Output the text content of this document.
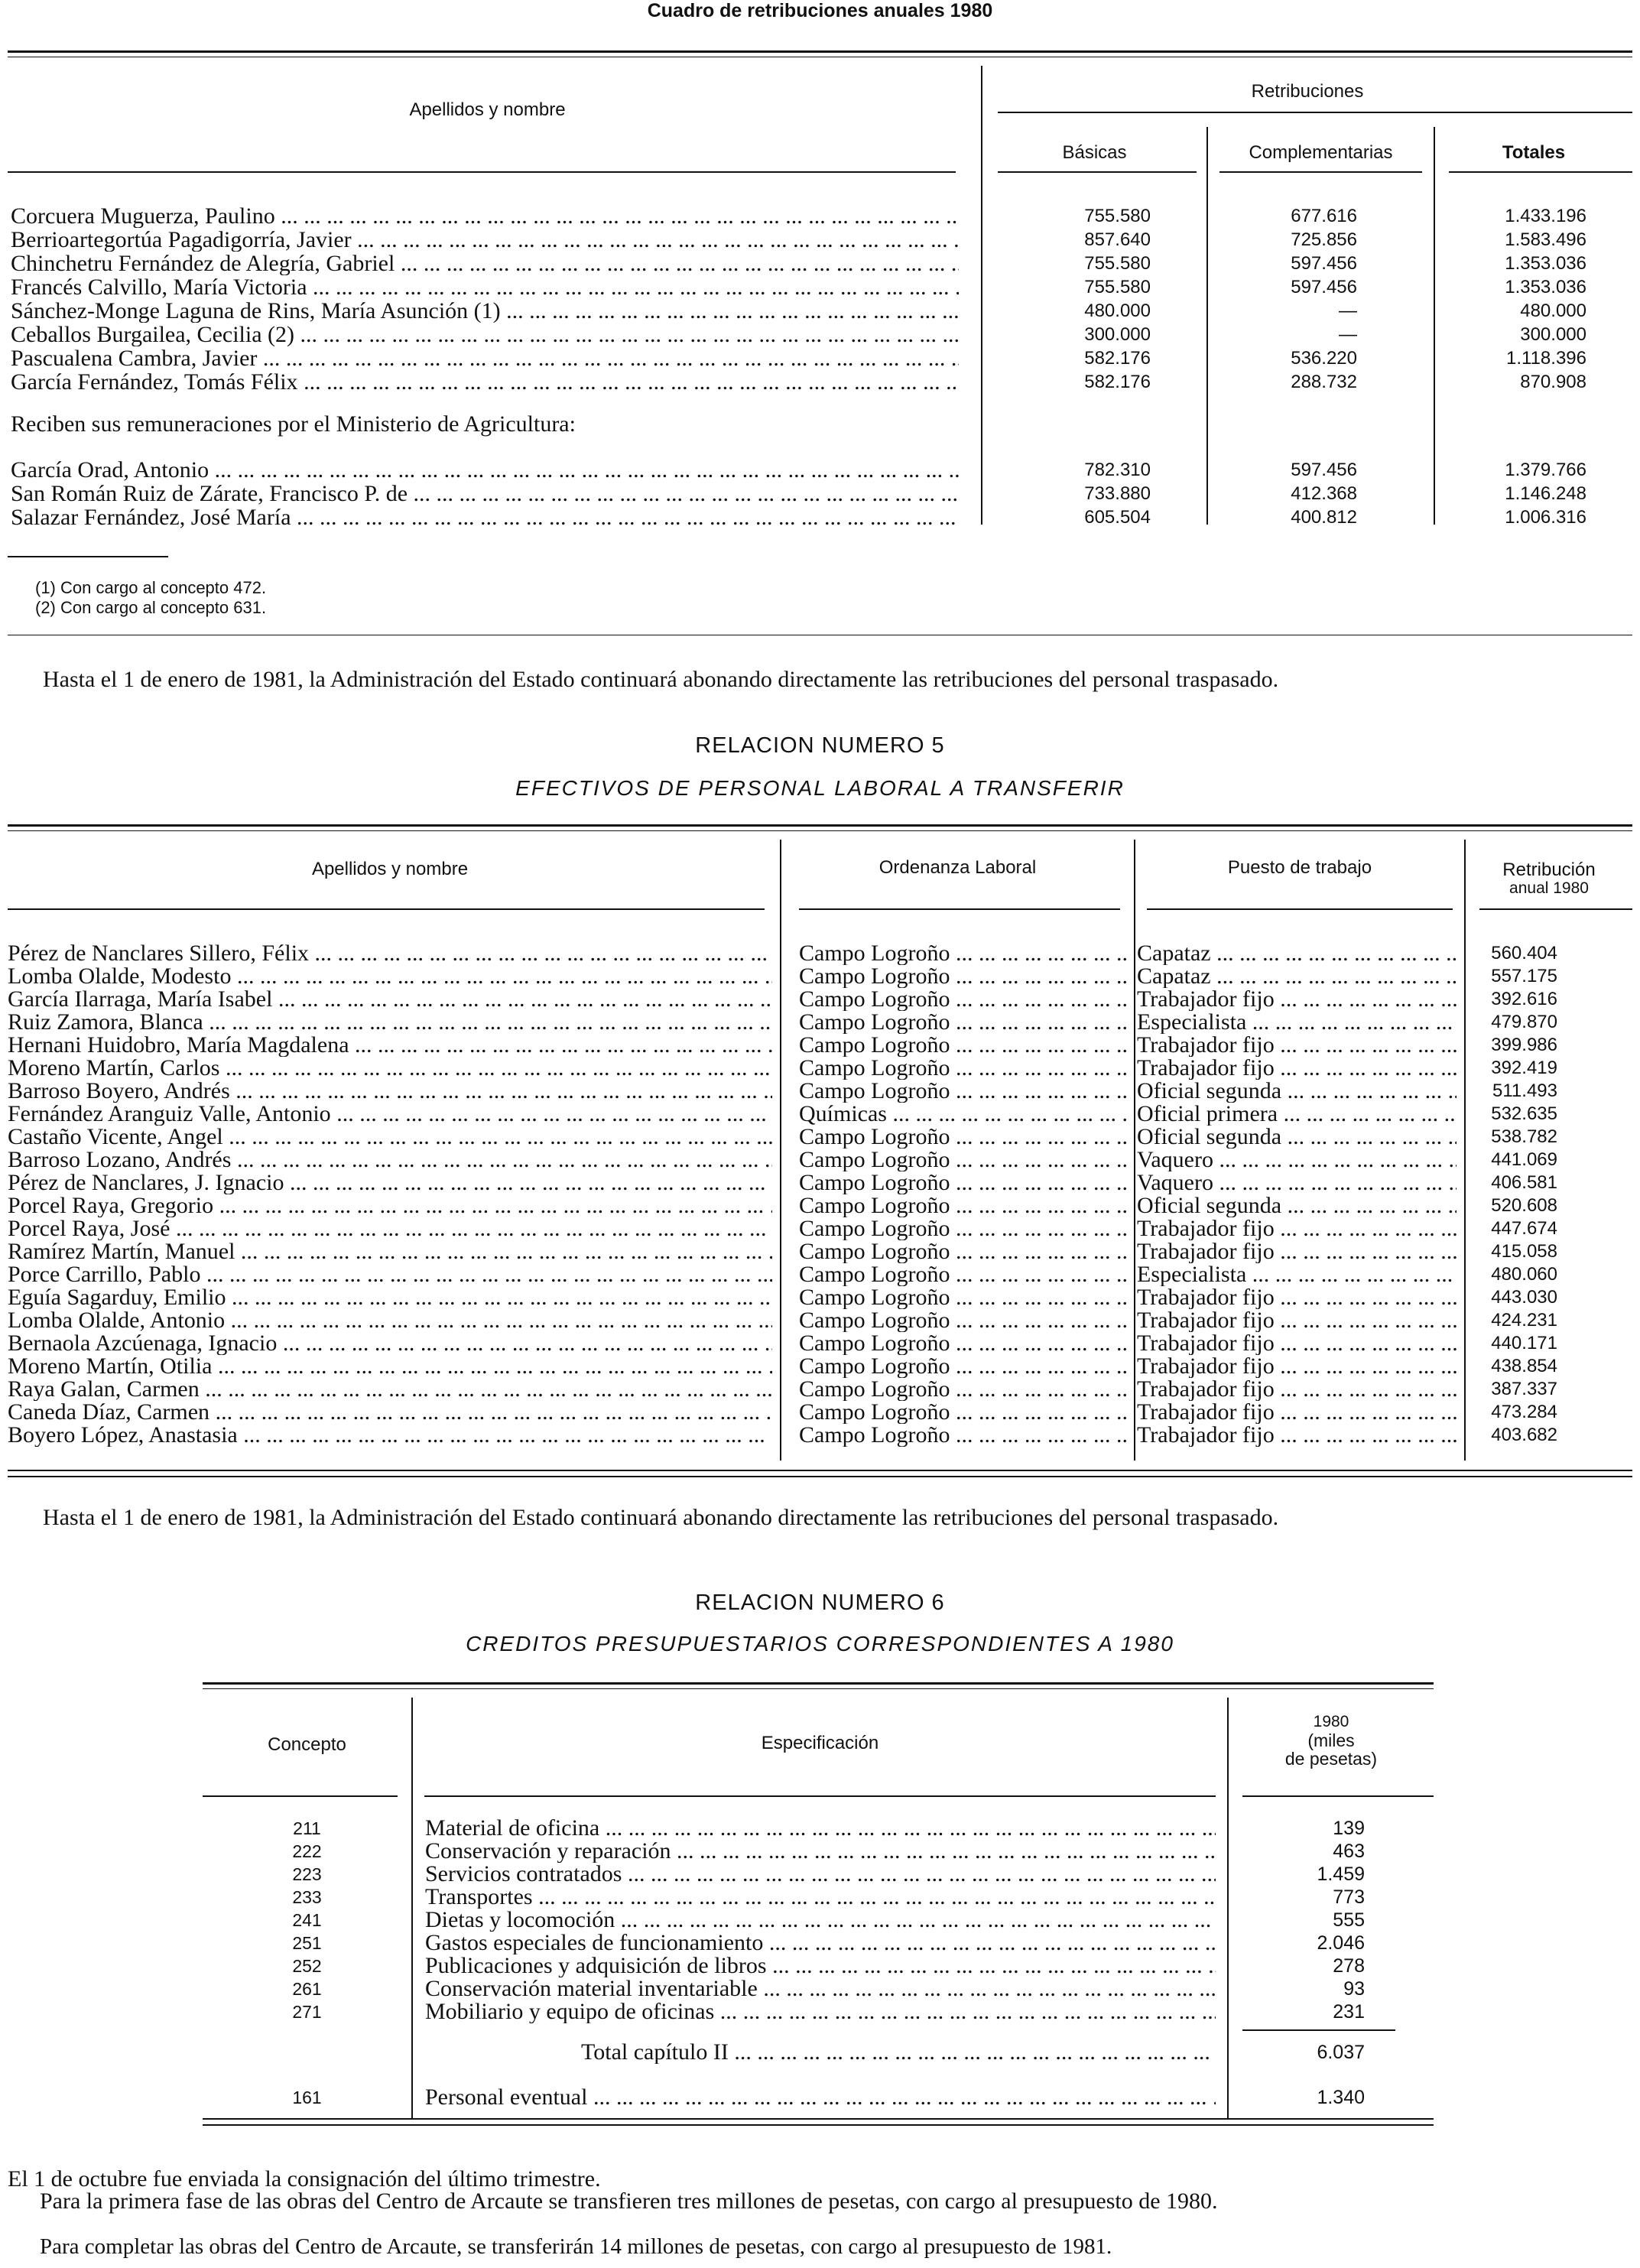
Cuadro de retribuciones anuales 1980
Apellidos y nombre
Retribuciones
Básicas	Complementarias	Totales
Corcuera Muguerza, Paulino ... .	755.580	677.616	1.433.196
Berrioartegortúa Pagadigorría, Javier ... .	857.640	725.856	1.583.496
Chinchetru Fernández de Alegría, Gabriel ... .	755.580	597.456	1.353.036
Francés Calvillo, María Victoria ... .	755.580	597.456	1.353.036
Sánchez-Monge Laguna de Rins, María Asunción (1) ... .	480.000	—	480.000
Ceballos Burgailea, Cecilia (2) ... .	300.000	—	300.000
Pascualena Cambra, Javier ... .	582.176	536.220	1.118.396
García Fernández, Tomás Félix ... .	582.176	288.732	870.908
Reciben sus remuneraciones por el Ministerio de Agricultura:
García Orad, Antonio ... .	782.310	597.456	1.379.766
San Román Ruiz de Zárate, Francisco P. de ... .	733.880	412.368	1.146.248
Salazar Fernández, José María ... .	605.504	400.812	1.006.316
(1) Con cargo al concepto 472.
(2) Con cargo al concepto 631.
Hasta el 1 de enero de 1981, la Administración del Estado continuará abonando directamente las retribuciones del personal traspasado.
RELACION NUMERO 5
EFECTIVOS DE PERSONAL LABORAL A TRANSFERIR
Apellidos y nombre	Ordenanza Laboral	Puesto de trabajo	Retribución
anual 1980
Pérez de Nanclares Sillero, Félix ... .	Campo Logroño ... .	Capataz ... .	560.404
Lomba Olalde, Modesto ... .	Campo Logroño ... .	Capataz ... .	557.175
García Ilarraga, María Isabel ... .	Campo Logroño ... .	Trabajador fijo ... .	392.616
Ruiz Zamora, Blanca ... .	Campo Logroño ... .	Especialista ... .	479.870
Hernani Huidobro, María Magdalena ... .	Campo Logroño ... .	Trabajador fijo ... .	399.986
Moreno Martín, Carlos ... .	Campo Logroño ... .	Trabajador fijo ... .	392.419
Barroso Boyero, Andrés ... .	Campo Logroño ... .	Oficial segunda ... .	511.493
Fernández Aranguiz Valle, Antonio ... .	Químicas ... .	Oficial primera ... .	532.635
Castaño Vicente, Angel ... .	Campo Logroño ... .	Oficial segunda ... .	538.782
Barroso Lozano, Andrés ... .	Campo Logroño ... .	Vaquero ... .	441.069
Pérez de Nanclares, J. Ignacio ... .	Campo Logroño ... .	Vaquero ... .	406.581
Porcel Raya, Gregorio ... .	Campo Logroño ... .	Oficial segunda ... .	520.608
Porcel Raya, José ... .	Campo Logroño ... .	Trabajador fijo ... .	447.674
Ramírez Martín, Manuel ... .	Campo Logroño ... .	Trabajador fijo ... .	415.058
Porce Carrillo, Pablo ... .	Campo Logroño ... .	Especialista ... .	480.060
Eguía Sagarduy, Emilio ... .	Campo Logroño ... .	Trabajador fijo ... .	443.030
Lomba Olalde, Antonio ... .	Campo Logroño ... .	Trabajador fijo ... .	424.231
Bernaola Azcúenaga, Ignacio ... .	Campo Logroño ... .	Trabajador fijo ... .	440.171
Moreno Martín, Otilia ... .	Campo Logroño ... .	Trabajador fijo ... .	438.854
Raya Galan, Carmen ... .	Campo Logroño ... .	Trabajador fijo ... .	387.337
Caneda Díaz, Carmen ... .	Campo Logroño ... .	Trabajador fijo ... .	473.284
Boyero López, Anastasia ... .	Campo Logroño ... .	Trabajador fijo ... .	403.682
Hasta el 1 de enero de 1981, la Administración del Estado continuará abonando directamente las retribuciones del personal traspasado.
RELACION NUMERO 6
CREDITOS PRESUPUESTARIOS CORRESPONDIENTES A 1980
Concepto	Especificación
1980
(miles
de pesetas)
211	Material de oficina ... .	139
222	Conservación y reparación ... .	463
223	Servicios contratados ... .	1.459
233	Transportes ... .	773
241	Dietas y locomoción ... .	555
251	Gastos especiales de funcionamiento ... .	2.046
252	Publicaciones y adquisición de libros ... .	278
261	Conservación material inventariable ... .	93
271	Mobiliario y equipo de oficinas ... .	231
Total capítulo II ... .	6.037
161	Personal eventual ... .	1.340
El 1 de octubre fue enviada la consignación del último trimestre.
Para la primera fase de las obras del Centro de Arcaute se transfieren tres millones de pesetas, con cargo al presupuesto de 1980.
Para completar las obras del Centro de Arcaute, se transferirán 14 millones de pesetas, con cargo al presupuesto de 1981.
